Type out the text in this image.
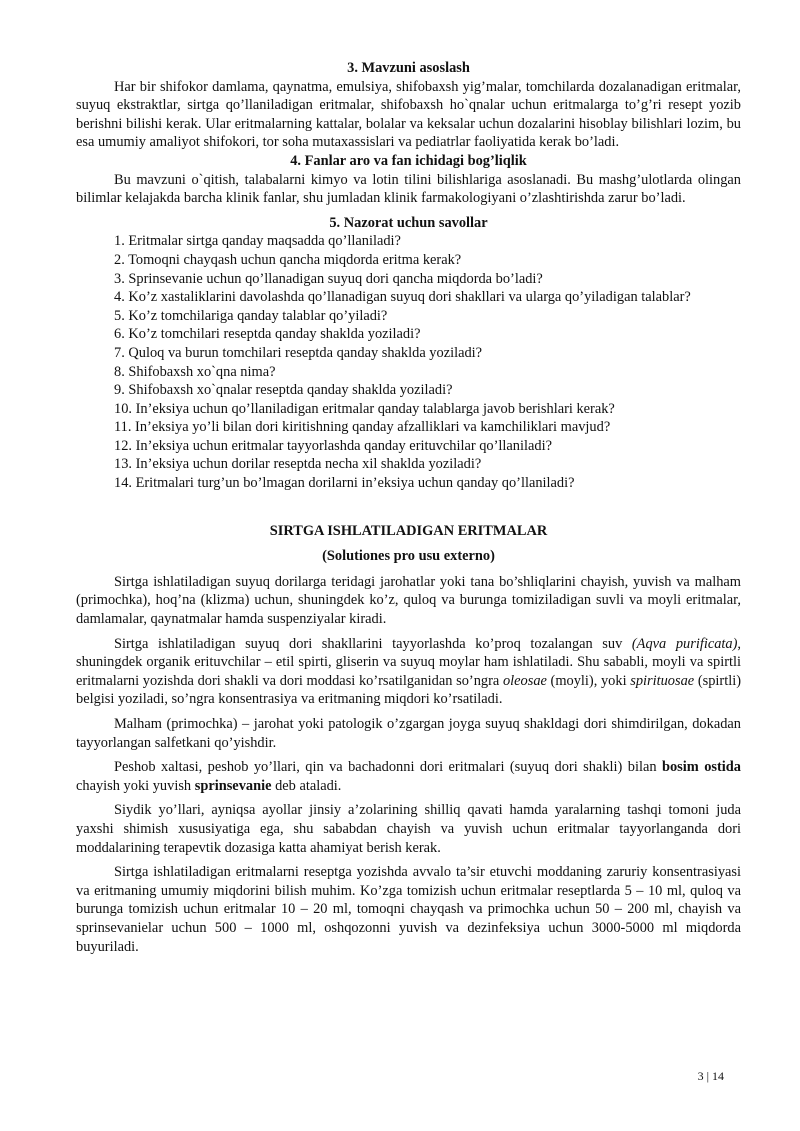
3. Mavzuni asoslash

Har bir shifokor damlama, qaynatma, emulsiya, shifobaxsh yig’malar, tomchilarda dozalanadigan eritmalar, suyuq ekstraktlar, sirtga qo’llaniladigan eritmalar, shifobaxsh ho`qnalar uchun eritmalarga to’g’ri resept yozib berishni bilishi kerak. Ular eritmalarning kattalar, bolalar va keksalar uchun dozalarini hisoblay bilishlari lozim, bu esa umumiy amaliyot shifokori, tor soha mutaxassislari va pediatrlar faoliyatida kerak bo’ladi.

4. Fanlar aro va fan ichidagi bog’liqlik

Bu mavzuni o`qitish, talabalarni kimyo va lotin tilini bilishlariga asoslanadi. Bu mashg’ulotlarda olingan bilimlar kelajakda barcha klinik fanlar, shu jumladan klinik farmakologiyani o’zlashtirishda zarur bo’ladi.

5. Nazorat uchun savollar
1. Eritmalar sirtga qanday maqsadda qo’llaniladi?
2. Tomoqni chayqash uchun qancha miqdorda eritma kerak?
3. Sprinsevanie uchun qo’llanadigan suyuq dori qancha miqdorda bo’ladi?
4. Ko’z xastaliklarini davolashda qo’llanadigan suyuq dori shakllari va ularga qo’yiladigan talablar?
5. Ko’z tomchilariga qanday talablar qo’yiladi?
6. Ko’z tomchilari reseptda qanday shaklda yoziladi?
7. Quloq va burun tomchilari reseptda qanday shaklda yoziladi?
8. Shifobaxsh xo`qna nima?
9. Shifobaxsh xo`qnalar reseptda qanday shaklda yoziladi?
10. In’eksiya uchun qo’llaniladigan eritmalar qanday talablarga javob berishlari kerak?
11. In’eksiya yo’li bilan dori kiritishning qanday afzalliklari va kamchiliklari mavjud?
12. In’eksiya uchun eritmalar tayyorlashda qanday erituvchilar qo’llaniladi?
13. In’eksiya uchun dorilar reseptda necha xil shaklda yoziladi?
14. Eritmalari turg’un bo’lmagan dorilarni in’eksiya uchun qanday qo’llaniladi?
SIRTGA ISHLATILADIGAN ERITMALAR
(Solutiones pro usu externo)

Sirtga ishlatiladigan suyuq dorilarga teridagi jarohatlar yoki tana bo’shliqlarini chayish, yuvish va malham (primochka), hoq’na (klizma) uchun, shuningdek ko’z, quloq va burunga tomiziladigan suvli va moyli eritmalar, damlamalar, qaynatmalar hamda suspenziyalar kiradi.

Sirtga ishlatiladigan suyuq dori shakllarini tayyorlashda ko’proq tozalangan suv (Aqva purificata), shuningdek organik erituvchilar – etil spirti, gliserin va suyuq moylar ham ishlatiladi. Shu sababli, moyli va spirtli eritmalarni yozishda dori shakli va dori moddasi ko’rsatilganidan so’ngra oleosae (moyli), yoki spirituosae (spirtli) belgisi yoziladi, so’ngra konsentrasiya va eritmaning miqdori ko’rsatiladi.

Malham (primochka) – jarohat yoki patologik o’zgargan joyga suyuq shakldagi dori shimdirilgan, dokadan tayyorlangan salfetkani qo’yishdir.

Peshob xaltasi, peshob yo’llari, qin va bachadonni dori eritmalari (suyuq dori shakli) bilan bosim ostida chayish yoki yuvish sprinsevanie deb ataladi.

Siydik yo’llari, ayniqsa ayollar jinsiy a’zolarining shilliq qavati hamda yaralarning tashqi tomoni juda yaxshi shimish xususiyatiga ega, shu sababdan chayish va yuvish uchun eritmalar tayyorlanganda dori moddalarining terapevtik dozasiga katta ahamiyat berish kerak.

Sirtga ishlatiladigan eritmalarni reseptga yozishda avvalo ta’sir etuvchi moddaning zaruriy konsentrasiyasi va eritmaning umumiy miqdorini bilish muhim. Ko’zga tomizish uchun eritmalar reseptlarda 5 – 10 ml, quloq va burunga tomizish uchun eritmalar 10 – 20 ml, tomoqni chayqash va primochka uchun 50 – 200 ml, chayish va sprinsevanielar uchun 500 – 1000 ml, oshqozonni yuvish va dezinfeksiya uchun 3000-5000 ml miqdorda buyuriladi.

3 | 14
